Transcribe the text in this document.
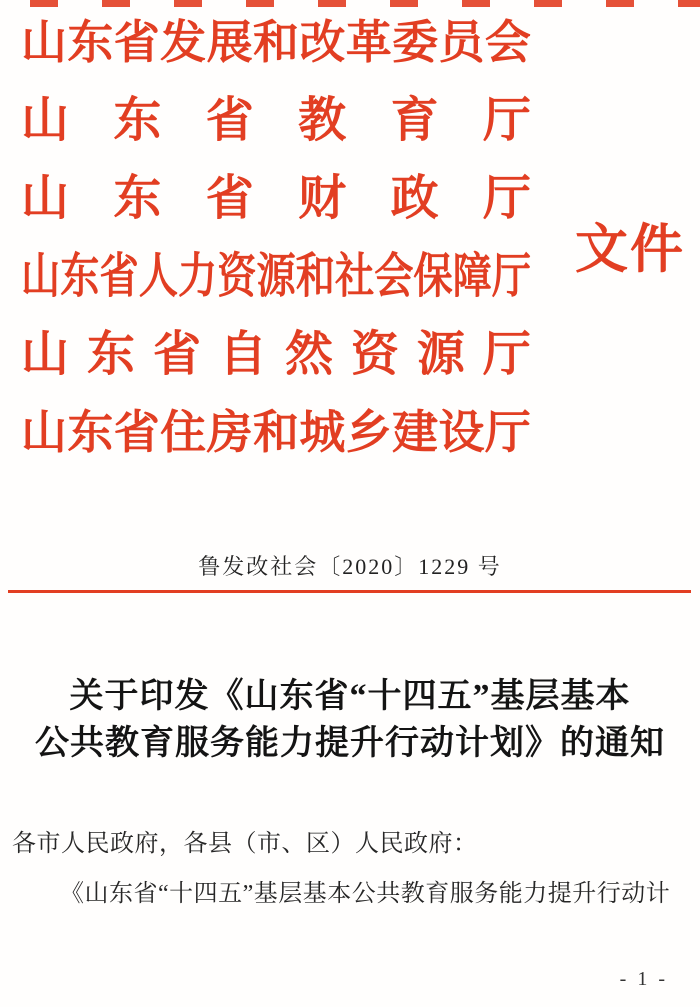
山 东 省 发 展 和 改 革 委 员 会
山 东 省 教 育 厅
山 东 省 财 政 厅
山 东 省 人 力 资 源 和 社 会 保 障 厅
山 东 省 自 然 资 源 厅
山 东 省 住 房 和 城 乡 建 设 厅
文件
鲁发改社会〔2020〕1229 号
关于印发《山东省“十四五”基层基本
公共教育服务能力提升行动计划》的通知

各市人民政府，各县（市、区）人民政府：

《山东省“十四五”基层基本公共教育服务能力提升行动计

- 1 -
